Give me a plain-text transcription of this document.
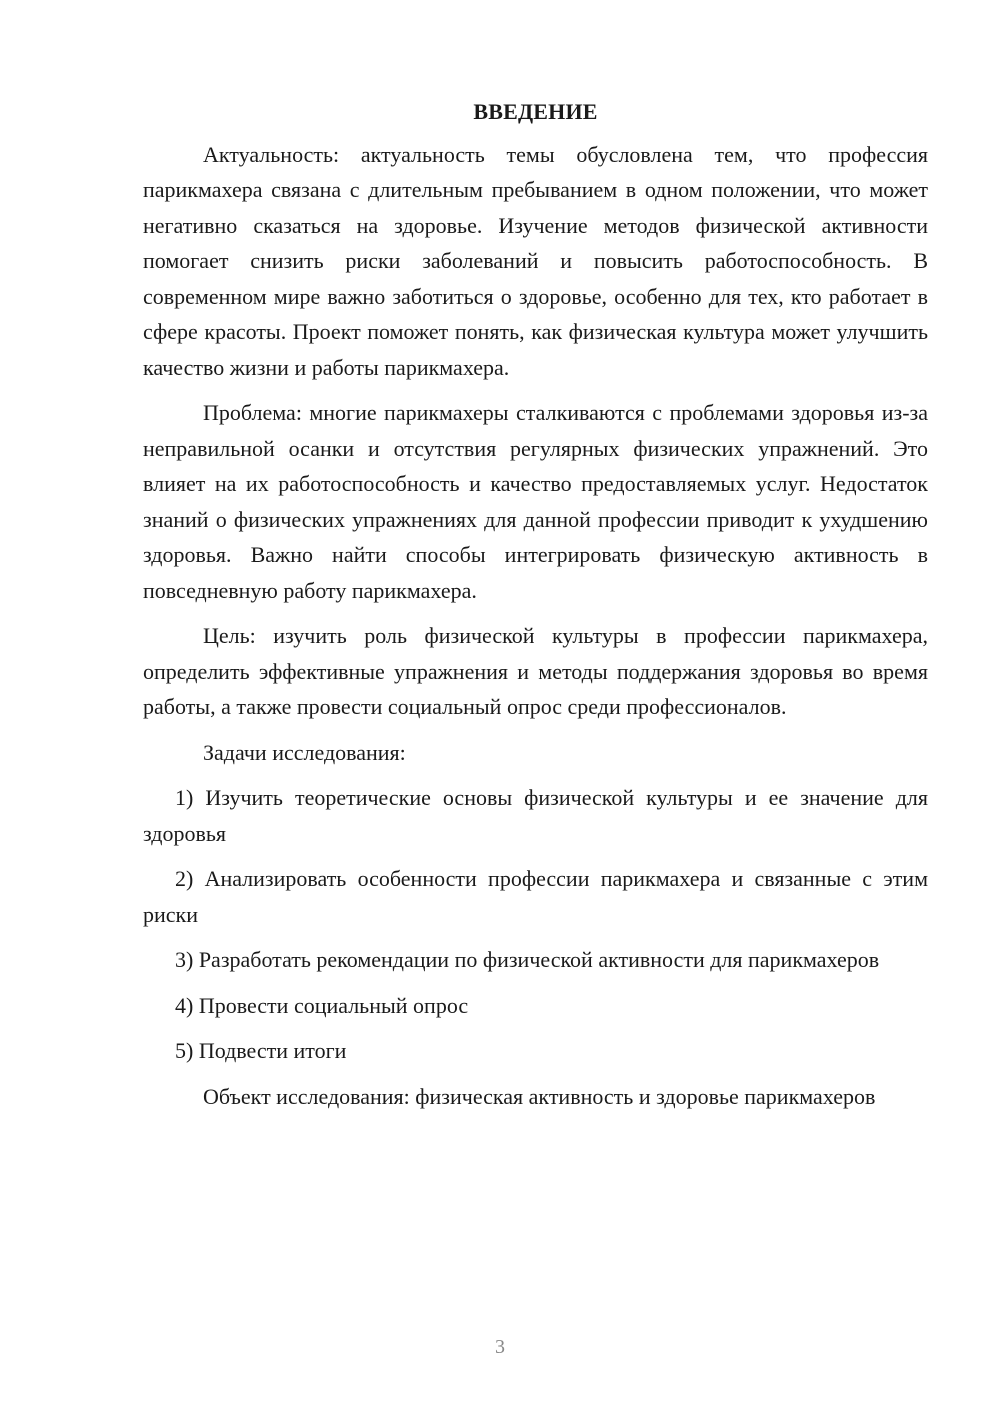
ВВЕДЕНИЕ

Актуальность: актуальность темы обусловлена тем, что профессия парикмахера связана с длительным пребыванием в одном положении, что может негативно сказаться на здоровье. Изучение методов физической активности помогает снизить риски заболеваний и повысить работоспособность. В современном мире важно заботиться о здоровье, особенно для тех, кто работает в сфере красоты. Проект поможет понять, как физическая культура может улучшить качество жизни и работы парикмахера.

Проблема: многие парикмахеры сталкиваются с проблемами здоровья из-за неправильной осанки и отсутствия регулярных физических упражнений. Это влияет на их работоспособность и качество предоставляемых услуг. Недостаток знаний о физических упражнениях для данной профессии приводит к ухудшению здоровья. Важно найти способы интегрировать физическую активность в повседневную работу парикмахера.

Цель: изучить роль физической культуры в профессии парикмахера, определить эффективные упражнения и методы поддержания здоровья во время работы, а также провести социальный опрос среди профессионалов.

Задачи исследования:

1) Изучить теоретические основы физической культуры и ее значение для здоровья

2) Анализировать особенности профессии парикмахера и связанные с этим риски

3) Разработать рекомендации по физической активности для парикмахеров

4) Провести социальный опрос

5) Подвести итоги

Объект исследования: физическая активность и здоровье парикмахеров

3
